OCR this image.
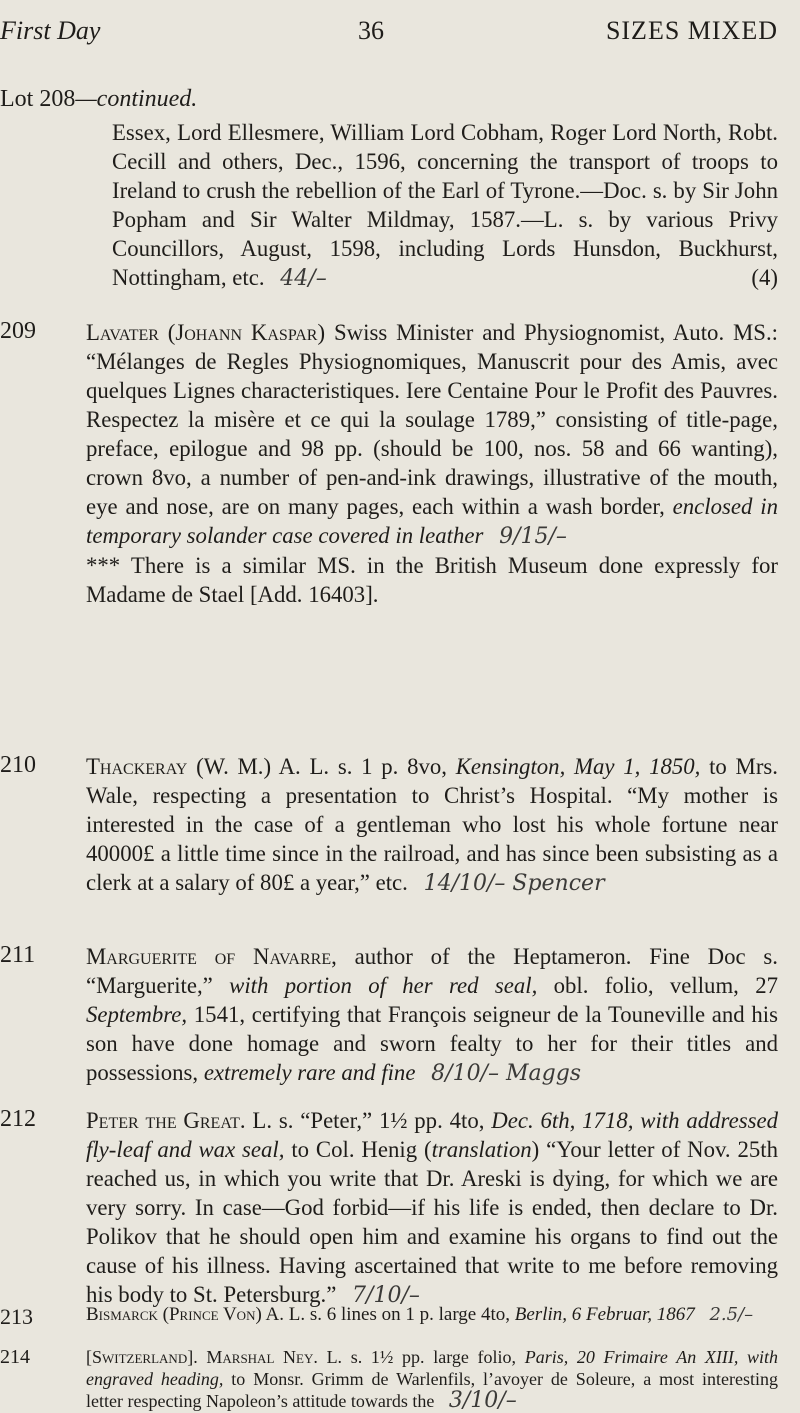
First Day	36	SIZES MIXED
Lot 208—continued.
Essex, Lord Ellesmere, William Lord Cobham, Roger Lord North, Robt. Cecill and others, Dec., 1596, concerning the transport of troops to Ireland to crush the rebellion of the Earl of Tyrone.—Doc. s. by Sir John Popham and Sir Walter Mildmay, 1587.—L. s. by various Privy Councillors, August, 1598, including Lords Hunsdon, Buckhurst, Nottingham, etc. 44/–	(4)
209 Lavater (Johann Kaspar) Swiss Minister and Physiognomist, Auto. MS.: “Mélanges de Regles Physiognomiques, Manuscrit pour des Amis, avec quelques Lignes characteristiques. Iere Centaine Pour le Profit des Pauvres. Respectez la misère et ce qui la soulage 1789,” consisting of title-page, preface, epilogue and 98 pp. (should be 100, nos. 58 and 66 wanting), crown 8vo, a number of pen-and-ink drawings, illustrative of the mouth, eye and nose, are on many pages, each within a wash border, enclosed in temporary solander case covered in leather 9/15/–
*** There is a similar MS. in the British Museum done expressly for Madame de Stael [Add. 16403].
210 Thackeray (W. M.) A. L. s. 1 p. 8vo, Kensington, May 1, 1850, to Mrs. Wale, respecting a presentation to Christ’s Hospital. “My mother is interested in the case of a gentleman who lost his whole fortune near 40000£ a little time since in the railroad, and has since been subsisting as a clerk at a salary of 80£ a year,” etc. 14/10/– Spencer
211 Marguerite of Navarre, author of the Heptameron. Fine Doc s. “Marguerite,” with portion of her red seal, obl. folio, vellum, 27 Septembre, 1541, certifying that François seigneur de la Touneville and his son have done homage and sworn fealty to her for their titles and possessions, extremely rare and fine 8/10/– Maggs
212 Peter the Great. L. s. “Peter,” 1½ pp. 4to, Dec. 6th, 1718, with addressed fly-leaf and wax seal, to Col. Henig (translation) “Your letter of Nov. 25th reached us, in which you write that Dr. Areski is dying, for which we are very sorry. In case—God forbid—if his life is ended, then declare to Dr. Polikov that he should open him and examine his organs to find out the cause of his illness. Having ascertained that write to me before removing his body to St. Petersburg.” 7/10/–
213	Bismarck (Prince Von) A. L. s. 6 lines on 1 p. large 4to, Berlin, 6 Februar, 1867 2.5/–
214	[Switzerland]. Marshal Ney. L. s. 1½ pp. large folio, Paris, 20 Frimaire An XIII, with engraved heading, to Monsr. Grimm de Warlenfils, l’avoyer de Soleure, a most interesting letter respecting Napoleon’s attitude towards the 3/10/–
